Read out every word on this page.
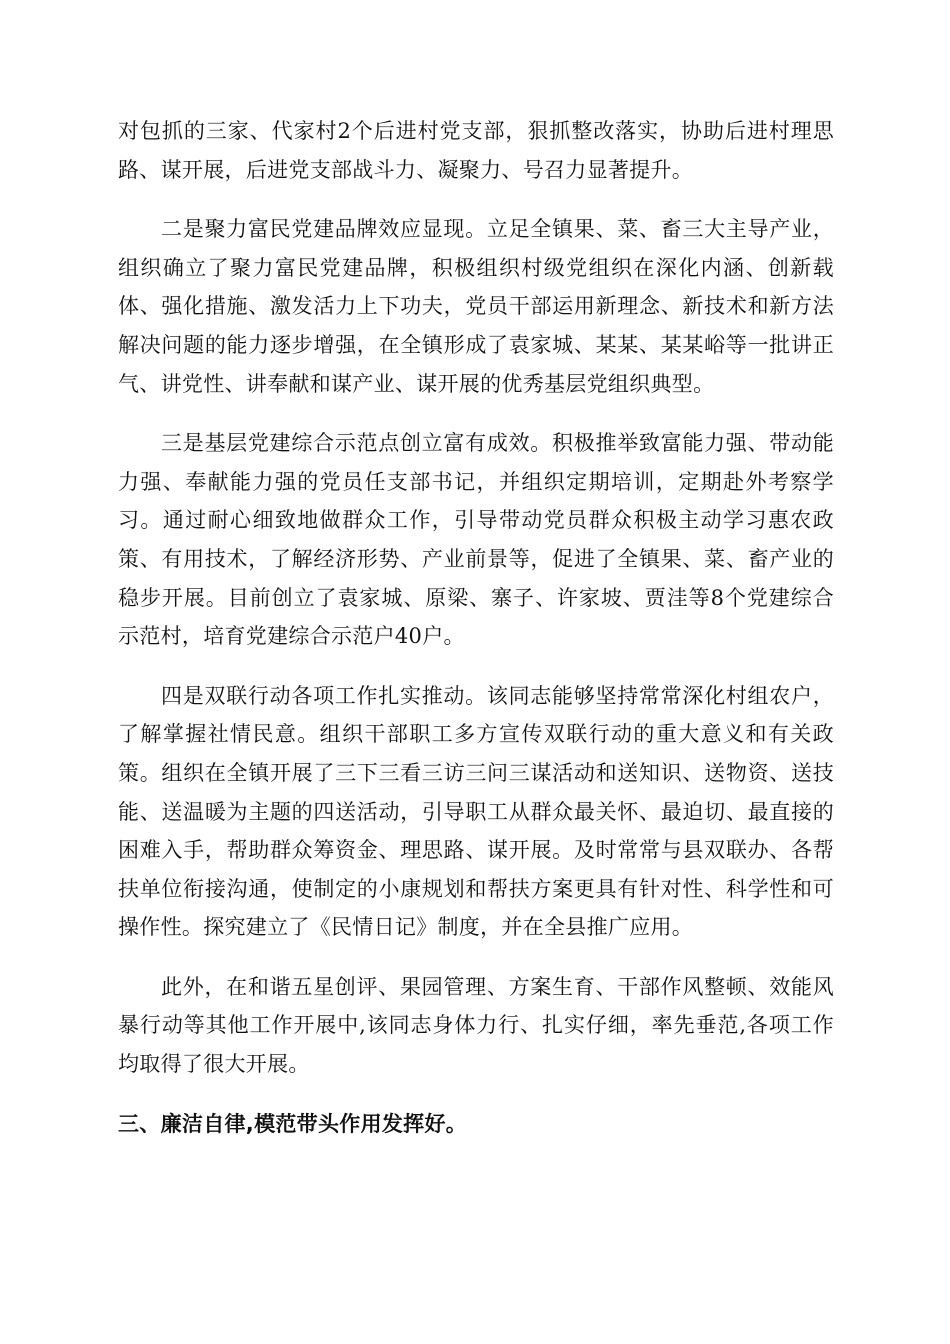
对包抓的三家、代家村2个后进村党支部，狠抓整改落实，协助后进村理思路、谋开展，后进党支部战斗力、凝聚力、号召力显著提升。

二是聚力富民党建品牌效应显现。立足全镇果、菜、畜三大主导产业，组织确立了聚力富民党建品牌，积极组织村级党组织在深化内涵、创新载体、强化措施、激发活力上下功夫，党员干部运用新理念、新技术和新方法解决问题的能力逐步增强，在全镇形成了袁家城、某某、某某峪等一批讲正气、讲党性、讲奉献和谋产业、谋开展的优秀基层党组织典型。

三是基层党建综合示范点创立富有成效。积极推举致富能力强、带动能力强、奉献能力强的党员任支部书记，并组织定期培训，定期赴外考察学习。通过耐心细致地做群众工作，引导带动党员群众积极主动学习惠农政策、有用技术，了解经济形势、产业前景等，促进了全镇果、菜、畜产业的稳步开展。目前创立了袁家城、原梁、寨子、许家坡、贾洼等8个党建综合示范村，培育党建综合示范户40户。

四是双联行动各项工作扎实推动。该同志能够坚持常常深化村组农户，了解掌握社情民意。组织干部职工多方宣传双联行动的重大意义和有关政策。组织在全镇开展了三下三看三访三问三谋活动和送知识、送物资、送技能、送温暖为主题的四送活动，引导职工从群众最关怀、最迫切、最直接的困难入手，帮助群众筹资金、理思路、谋开展。及时常常与县双联办、各帮扶单位衔接沟通，使制定的小康规划和帮扶方案更具有针对性、科学性和可操作性。探究建立了《民情日记》制度，并在全县推广应用。

此外，在和谐五星创评、果园管理、方案生育、干部作风整顿、效能风暴行动等其他工作开展中,该同志身体力行、扎实仔细，率先垂范,各项工作均取得了很大开展。

三、廉洁自律,模范带头作用发挥好。
